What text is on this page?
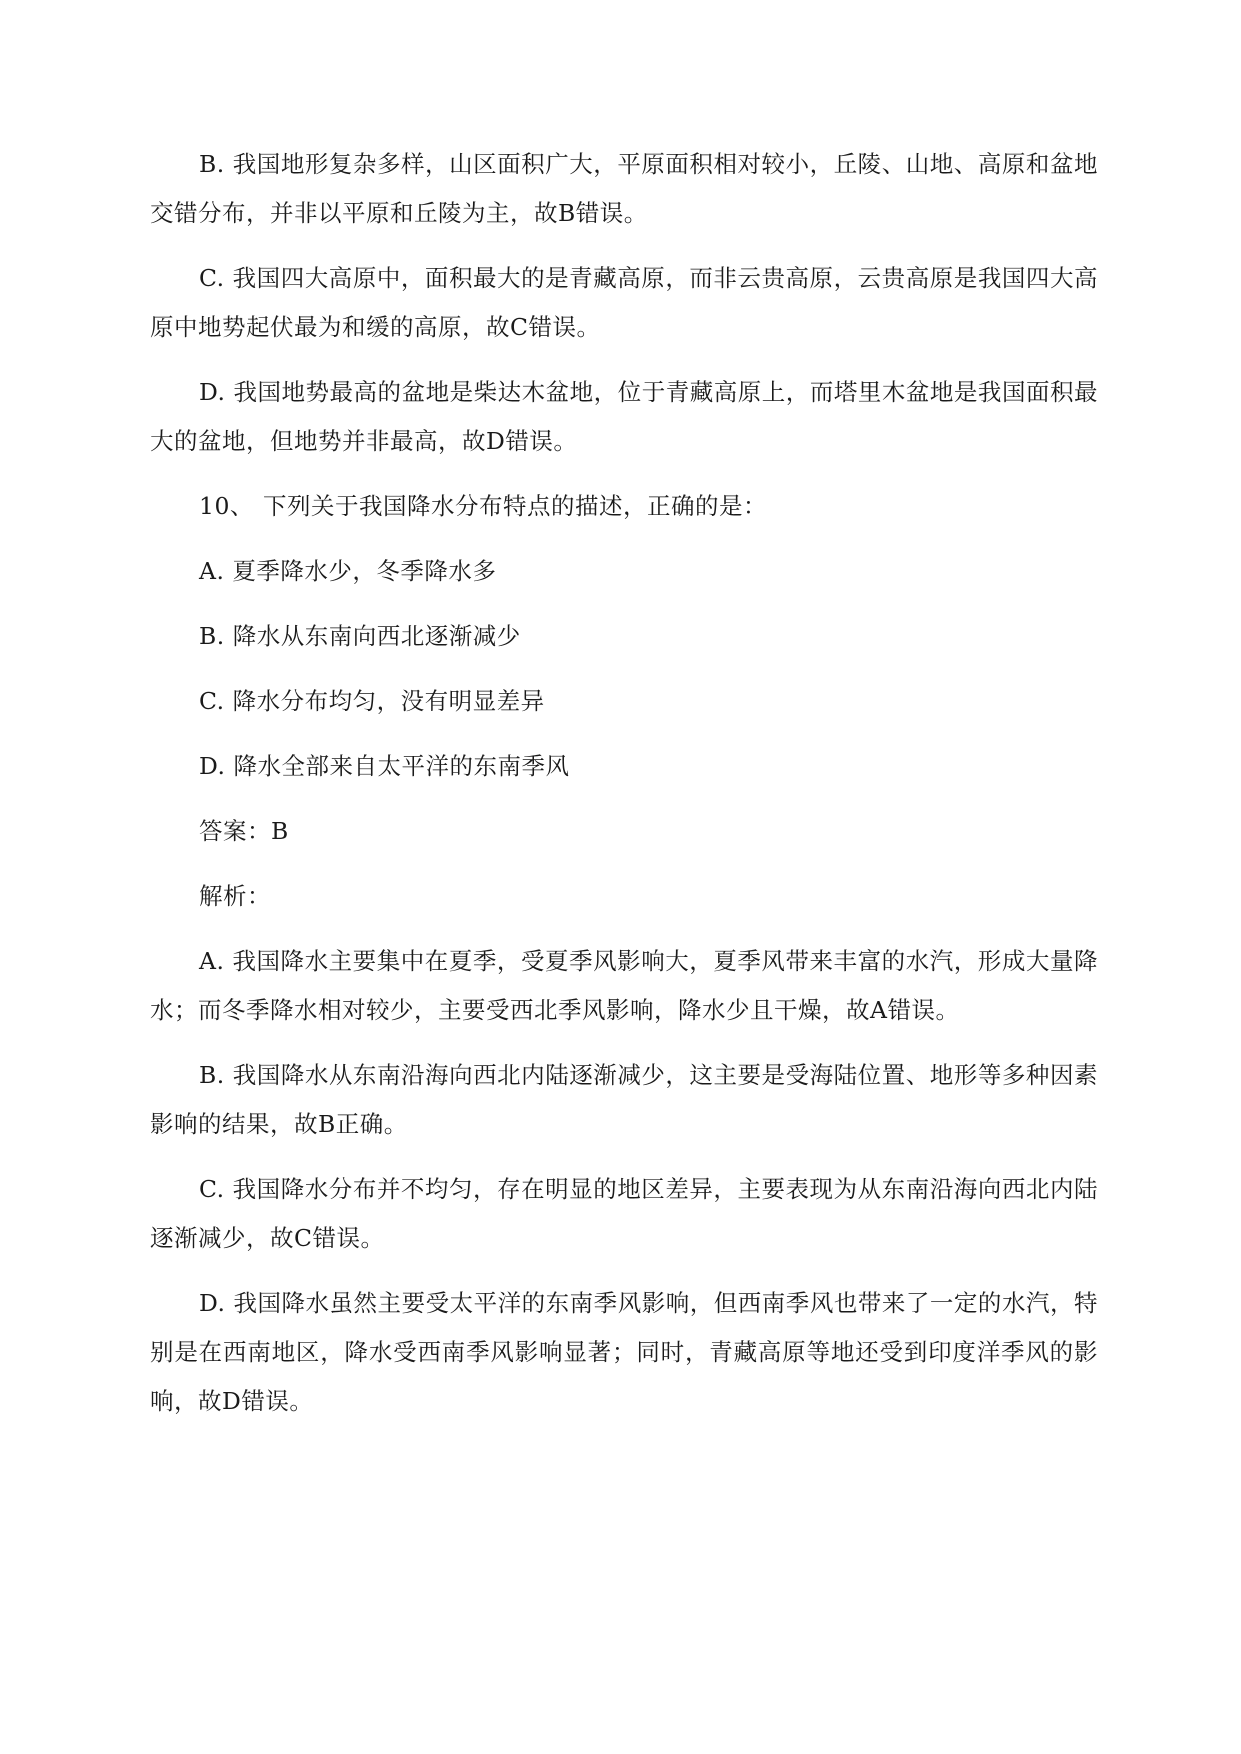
B. 我国地形复杂多样，山区面积广大，平原面积相对较小，丘陵、山地、高原和盆地交错分布，并非以平原和丘陵为主，故B错误。

C. 我国四大高原中，面积最大的是青藏高原，而非云贵高原，云贵高原是我国四大高原中地势起伏最为和缓的高原，故C错误。

D. 我国地势最高的盆地是柴达木盆地，位于青藏高原上，而塔里木盆地是我国面积最大的盆地，但地势并非最高，故D错误。

10、 下列关于我国降水分布特点的描述，正确的是：

A. 夏季降水少，冬季降水多

B. 降水从东南向西北逐渐减少

C. 降水分布均匀，没有明显差异

D. 降水全部来自太平洋的东南季风

答案：B

解析：

A. 我国降水主要集中在夏季，受夏季风影响大，夏季风带来丰富的水汽，形成大量降水；而冬季降水相对较少，主要受西北季风影响，降水少且干燥，故A错误。

B. 我国降水从东南沿海向西北内陆逐渐减少，这主要是受海陆位置、地形等多种因素影响的结果，故B正确。

C. 我国降水分布并不均匀，存在明显的地区差异，主要表现为从东南沿海向西北内陆逐渐减少，故C错误。

D. 我国降水虽然主要受太平洋的东南季风影响，但西南季风也带来了一定的水汽，特别是在西南地区，降水受西南季风影响显著；同时，青藏高原等地还受到印度洋季风的影响，故D错误。
